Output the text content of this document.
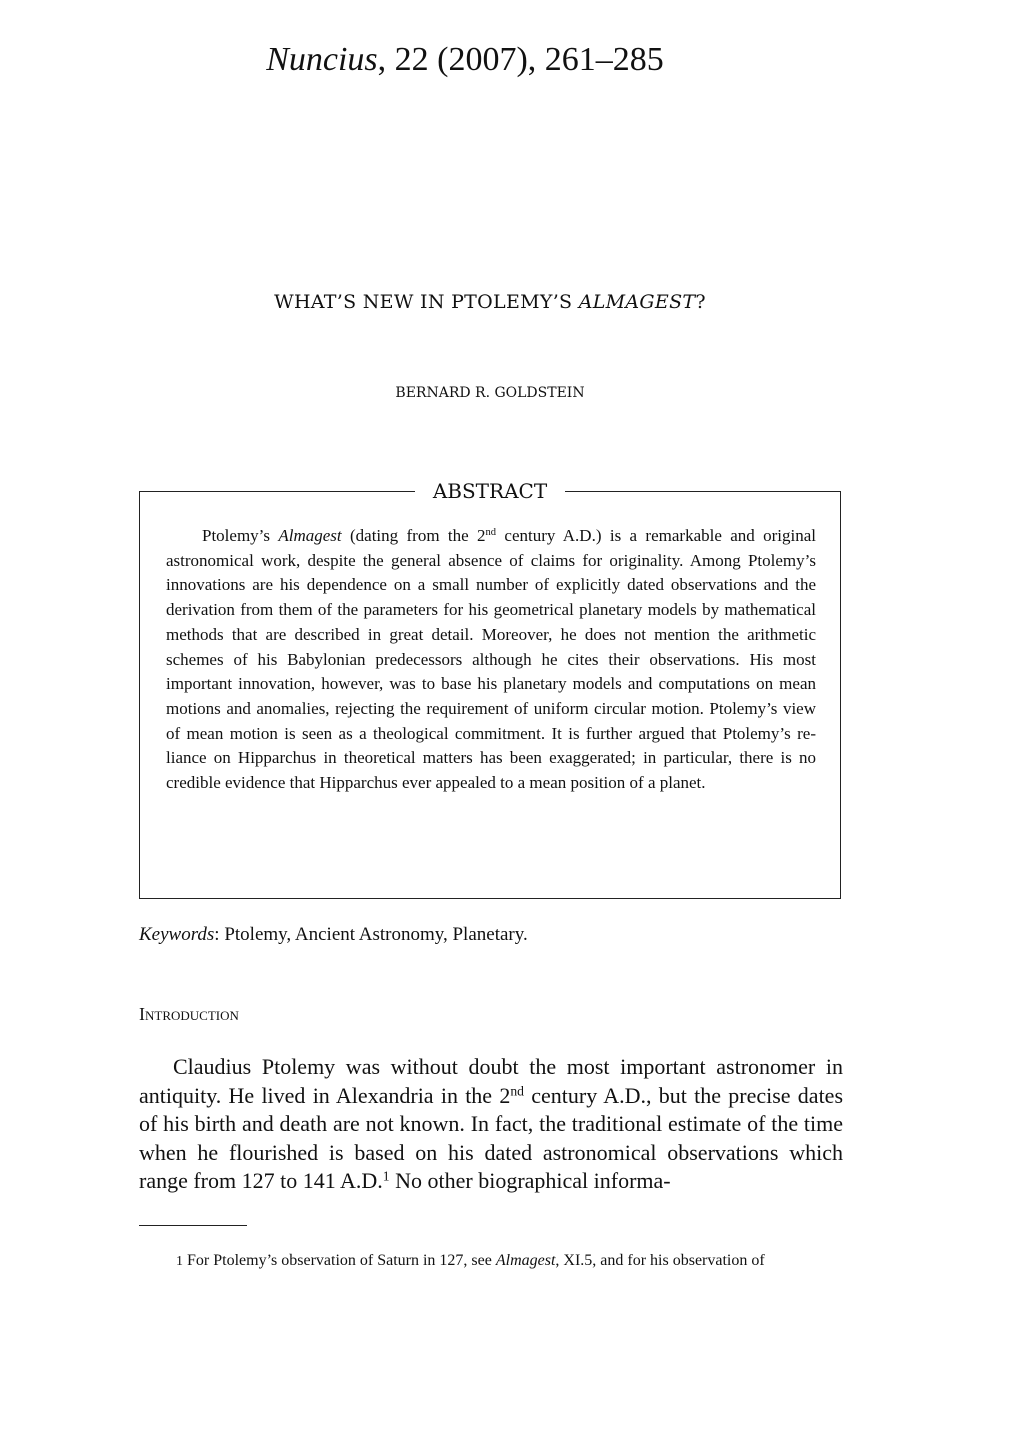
Nuncius, 22 (2007), 261–285
WHAT’S NEW IN PTOLEMY’S ALMAGEST?
BERNARD R. GOLDSTEIN
ABSTRACT

Ptolemy’s Almagest (dating from the 2nd century A.D.) is a remarkable and original astronomical work, despite the general absence of claims for originality. Among Ptolemy’s innovations are his dependence on a small number of explicitly dated observations and the derivation from them of the parameters for his geometrical planetary models by mathematical methods that are described in great detail. Moreover, he does not mention the arithmetic schemes of his Babylonian predecessors although he cites their observations. His most important innovation, however, was to base his planetary models and computations on mean motions and anomalies, rejecting the requirement of uniform circular motion. Ptolemy’s view of mean motion is seen as a theological commitment. It is further argued that Ptolemy’s reliance on Hipparchus in theoretical matters has been exaggerated; in particular, there is no credible evidence that Hipparchus ever appealed to a mean position of a planet.

Keywords: Ptolemy, Ancient Astronomy, Planetary.
Introduction

Claudius Ptolemy was without doubt the most important astronomer in antiquity. He lived in Alexandria in the 2nd century A.D., but the precise dates of his birth and death are not known. In fact, the traditional estimate of the time when he flourished is based on his dated astronomical observations which range from 127 to 141 A.D.$^1$ No other biographical informa-

1 For Ptolemy’s observation of Saturn in 127, see Almagest, XI.5, and for his observation of
